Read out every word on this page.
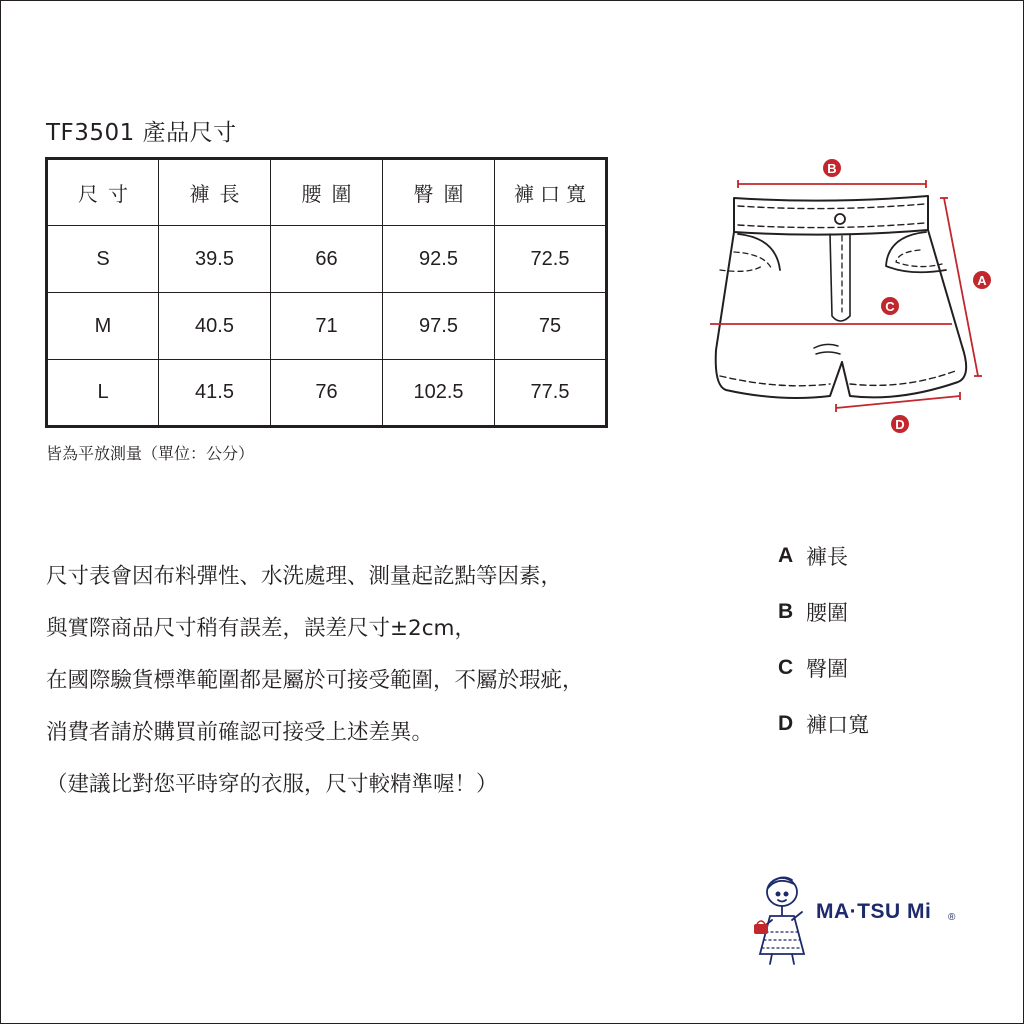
TF3501 產品尺寸
尺寸	褲長	腰圍	臀圍	褲口寬
S	39.5	66	92.5	72.5
M	40.5	71	97.5	75
L	41.5	76	102.5	77.5
皆為平放測量（單位：公分）
B
C
A
D
尺寸表會因布料彈性、水洗處理、測量起訖點等因素，
與實際商品尺寸稍有誤差，誤差尺寸±2cm，
在國際驗貨標準範圍都是屬於可接受範圍，不屬於瑕疵，
消費者請於購買前確認可接受上述差異。
（建議比對您平時穿的衣服，尺寸較精準喔！）
A 褲長
B 腰圍
C 臀圍
D 褲口寬
MA·TSU Mi ®
